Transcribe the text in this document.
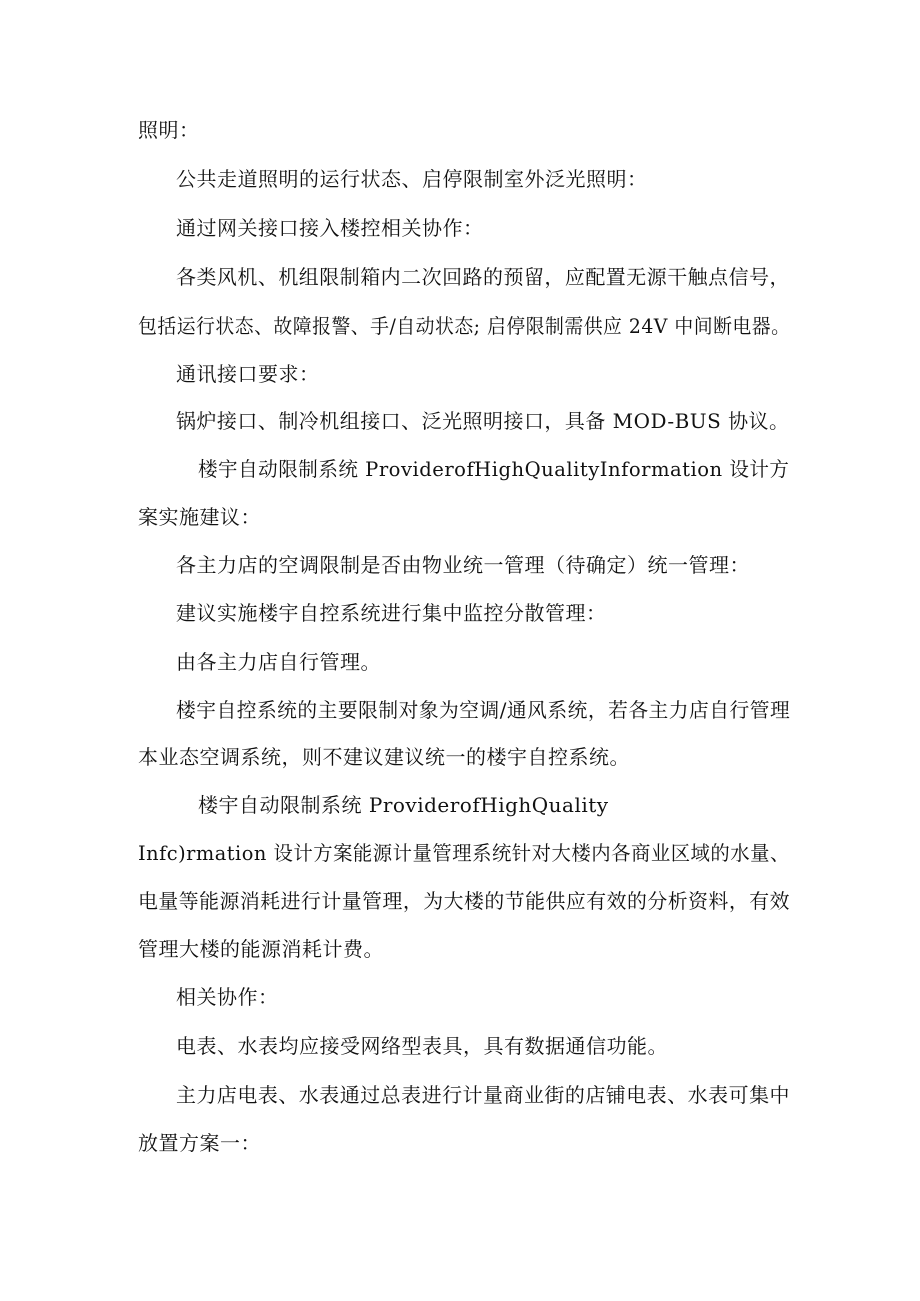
照明：
公共走道照明的运行状态、启停限制室外泛光照明：
通过网关接口接入楼控相关协作：
各类风机、机组限制箱内二次回路的预留，应配置无源干触点信号，
包括运行状态、故障报警、手/自动状态; 启停限制需供应 24V 中间断电器。
通讯接口要求：
锅炉接口、制冷机组接口、泛光照明接口，具备 MOD-BUS 协议。
楼宇自动限制系统 ProviderofHighQualityInformation 设计方
案实施建议：
各主力店的空调限制是否由物业统一管理（待确定）统一管理：
建议实施楼宇自控系统进行集中监控分散管理：
由各主力店自行管理。
楼宇自控系统的主要限制对象为空调/通风系统，若各主力店自行管理
本业态空调系统，则不建议建议统一的楼宇自控系统。
楼宇自动限制系统 ProviderofHighQuality
Infc)rmation 设计方案能源计量管理系统针对大楼内各商业区域的水量、
电量等能源消耗进行计量管理，为大楼的节能供应有效的分析资料，有效
管理大楼的能源消耗计费。
相关协作：
电表、水表均应接受网络型表具，具有数据通信功能。
主力店电表、水表通过总表进行计量商业街的店铺电表、水表可集中
放置方案一：
